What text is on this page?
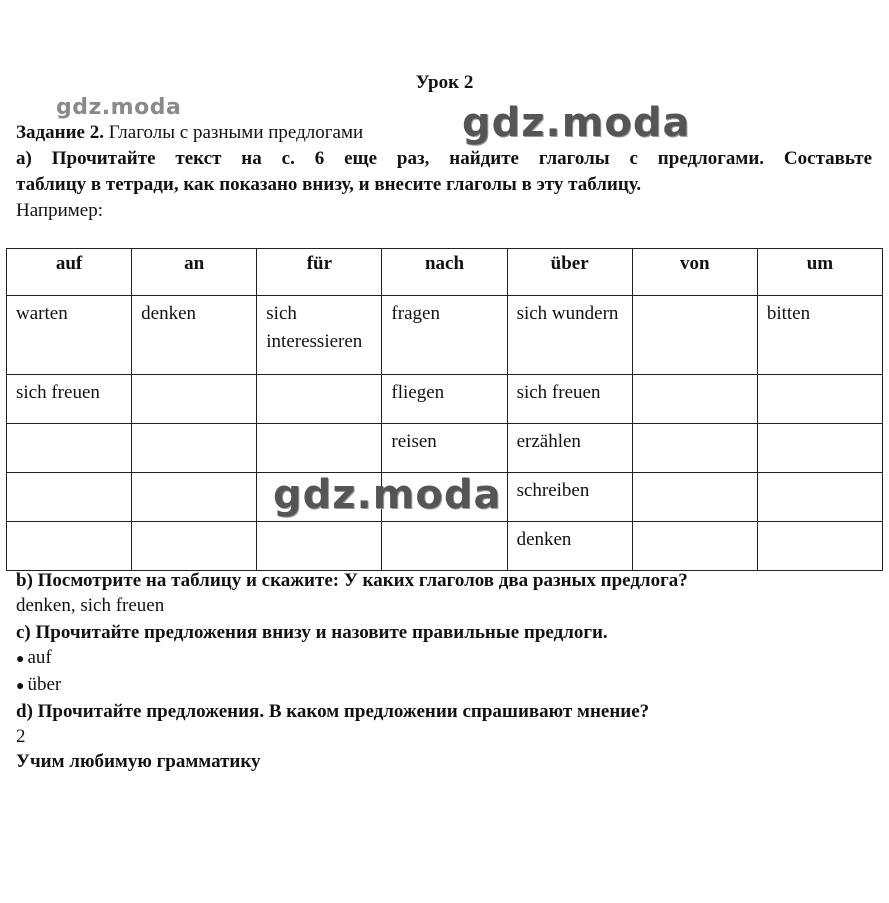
Урок 2
gdz.moda	gdz.moda
Задание 2. Глаголы с разными предлогами
а) Прочитайте текст на с. 6 еще раз, найдите глаголы с предлогами. Составьте
таблицу в тетради, как показано внизу, и внесите глаголы в эту таблицу.
Например:
auf	an	für	nach	über	von	um
warten	denken	sich interessieren	fragen	sich wundern		bitten
sich freuen			fliegen	sich freuen		
			reisen	erzählen		
				schreiben		
				denken		
gdz.moda
b) Посмотрите на таблицу и скажите: У каких глаголов два разных предлога?
denken, sich freuen
c) Прочитайте предложения внизу и назовите правильные предлоги.
● auf
● über
d) Прочитайте предложения. В каком предложении спрашивают мнение?
2
Учим любимую грамматику
